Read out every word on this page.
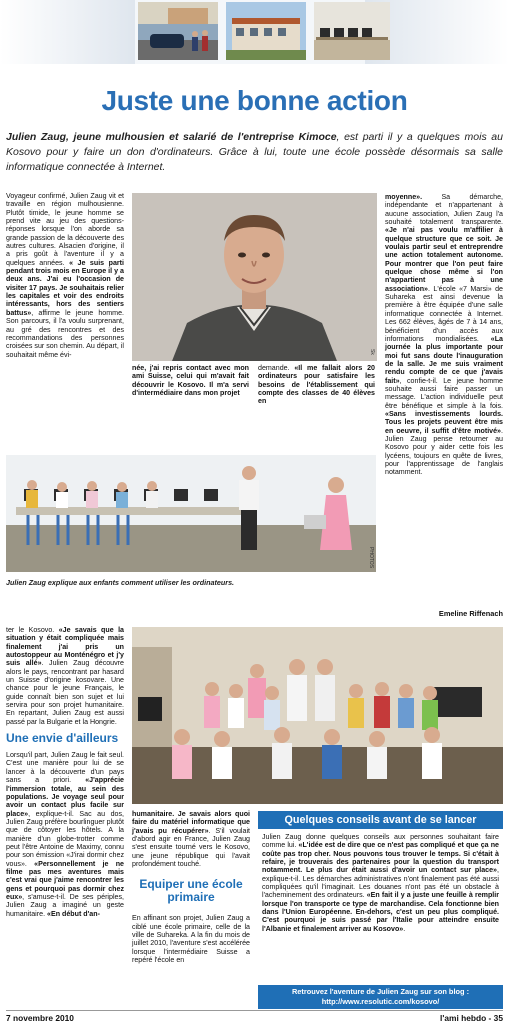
Juste une bonne action
Julien Zaug, jeune mulhousien et salarié de l'entreprise Kimoce, est parti il y a quelques mois au Kosovo pour y faire un don d'ordinateurs. Grâce à lui, toute une école possède désormais sa salle informatique connectée à Internet.

Voyageur confirmé, Julien Zaug vit et travaille en région mulhousienne. Plutôt timide, le jeune homme se prend vite au jeu des questions-réponses lorsque l'on aborde sa grande passion de la découverte des autres cultures. Alsacien d'origine, il a pris goût à l'aventure il y a quelques années. « Je suis parti pendant trois mois en Europe il y a deux ans. J'ai eu l'occasion de visiter 17 pays. Je souhaitais relier les capitales et voir des endroits intéressants, hors des sentiers battus», affirme le jeune homme. Son parcours, il l'a voulu surprenant, au gré des rencontres et des recommandations des personnes croisées sur son chemin. Au départ, il souhaitait même évi-	Sk

née, j'ai repris contact avec mon ami Suisse, celui qui m'avait fait découvrir le Kosovo. Il m'a servi d'intermédiaire dans mon projet

demande. «Il me fallait alors 20 ordinateurs pour satisfaire les besoins de l'établissement qui compte des classes de 40 élèves en

moyenne». Sa démarche, indépendante et n'appartenant à aucune association, Julien Zaug l'a souhaité totalement transparente. «Je n'ai pas voulu m'affilier à quelque structure que ce soit. Je voulais partir seul et entreprendre une action totalement autonome. Pour montrer que l'on peut faire quelque chose même si l'on n'appartient pas à une association». L'école «7 Marsi» de Suhareka est ainsi devenue la première à être équipée d'une salle informatique connectée à Internet. Les 662 élèves, âgés de 7 à 14 ans, bénéficient d'un accès aux informations mondialisées. «La journée la plus importante pour moi fut sans doute l'inauguration de la salle. Je me suis vraiment rendu compte de ce que j'avais fait», confie-t-il. Le jeune homme souhaite aussi faire passer un message. L'action individuelle peut être bénéfique et simple à la fois. «Sans investissements lourds. Tous les projets peuvent être mis en oeuvre, il suffit d'être motivé». Julien Zaug pense retourner au Kosovo pour y aider cette fois les lycéens, toujours en quête de livres, pour l'apprentissage de l'anglais notamment.

Emeline Riffenach
PHOTOS
Julien Zaug explique aux enfants comment utiliser les ordinateurs.

ter le Kosovo. «Je savais que la situation y était compliquée mais finalement j'ai pris un autostoppeur au Monténégro et j'y suis allé». Julien Zaug découvre alors le pays, rencontrant par hasard un Suisse d'origine kosovare. Une chance pour le jeune Français, le guide connaît bien son sujet et lui servira pour son projet humanitaire. En repartant, Julien Zaug est aussi passé par la Bulgarie et la Hongrie.

Une envie d'ailleurs

Lorsqu'il part, Julien Zaug le fait seul. C'est une manière pour lui de se lancer à la découverte d'un pays sans a priori. «J'apprécie l'immersion totale, au sein des populations. Je voyage seul pour avoir un contact plus facile sur place», explique-t-il. Sac au dos, Julien Zaug préfère bourlinguer plutôt que de côtoyer les hôtels. A la manière d'un globe-trotter comme peut l'être Antoine de Maximy, connu pour son émission «J'irai dormir chez vous». «Personnellement je ne filme pas mes aventures mais c'est vrai que j'aime rencontrer les gens et pourquoi pas dormir chez eux», s'amuse-t-il. De ses périples, Julien Zaug a imaginé un geste humanitaire. «En début d'an-

humanitaire. Je savais alors quoi faire du matériel informatique que j'avais pu récupérer». S'il voulait d'abord agir en France, Julien Zaug s'est ensuite tourné vers le Kosovo, une jeune république qui l'avait profondément touché.

Equiper une école primaire

En affinant son projet, Julien Zaug a ciblé une école primaire, celle de la ville de Suhareka. A la fin du mois de juillet 2010, l'aventure s'est accélérée lorsque l'intermédiaire Suisse a repéré l'école en

Quelques conseils avant de se lancer

Julien Zaug donne quelques conseils aux personnes souhaitant faire comme lui. «L'idée est de dire que ce n'est pas compliqué et que ça ne coûte pas trop cher. Nous pouvons tous trouver le temps. Si c'était à refaire, je trouverais des partenaires pour la question du transport notamment. Le plus dur était aussi d'avoir un contact sur place», explique-t-il. Les démarches administratives n'ont finalement pas été aussi compliquées qu'il l'imaginait. Les douanes n'ont pas été un obstacle à l'acheminement des ordinateurs. «En fait il y a juste une feuille à remplir lorsque l'on transporte ce type de marchandise. Cela fonctionne bien dans l'Union Européenne. En-dehors, c'est un peu plus compliqué. C'est pourquoi je suis passé par l'Italie pour atteindre ensuite l'Albanie et finalement arriver au Kosovo».

Retrouvez l'aventure de Julien Zaug sur son blog :
http://www.resolutic.com/kosovo/
7 novembre 2010	l'ami hebdo - 35
